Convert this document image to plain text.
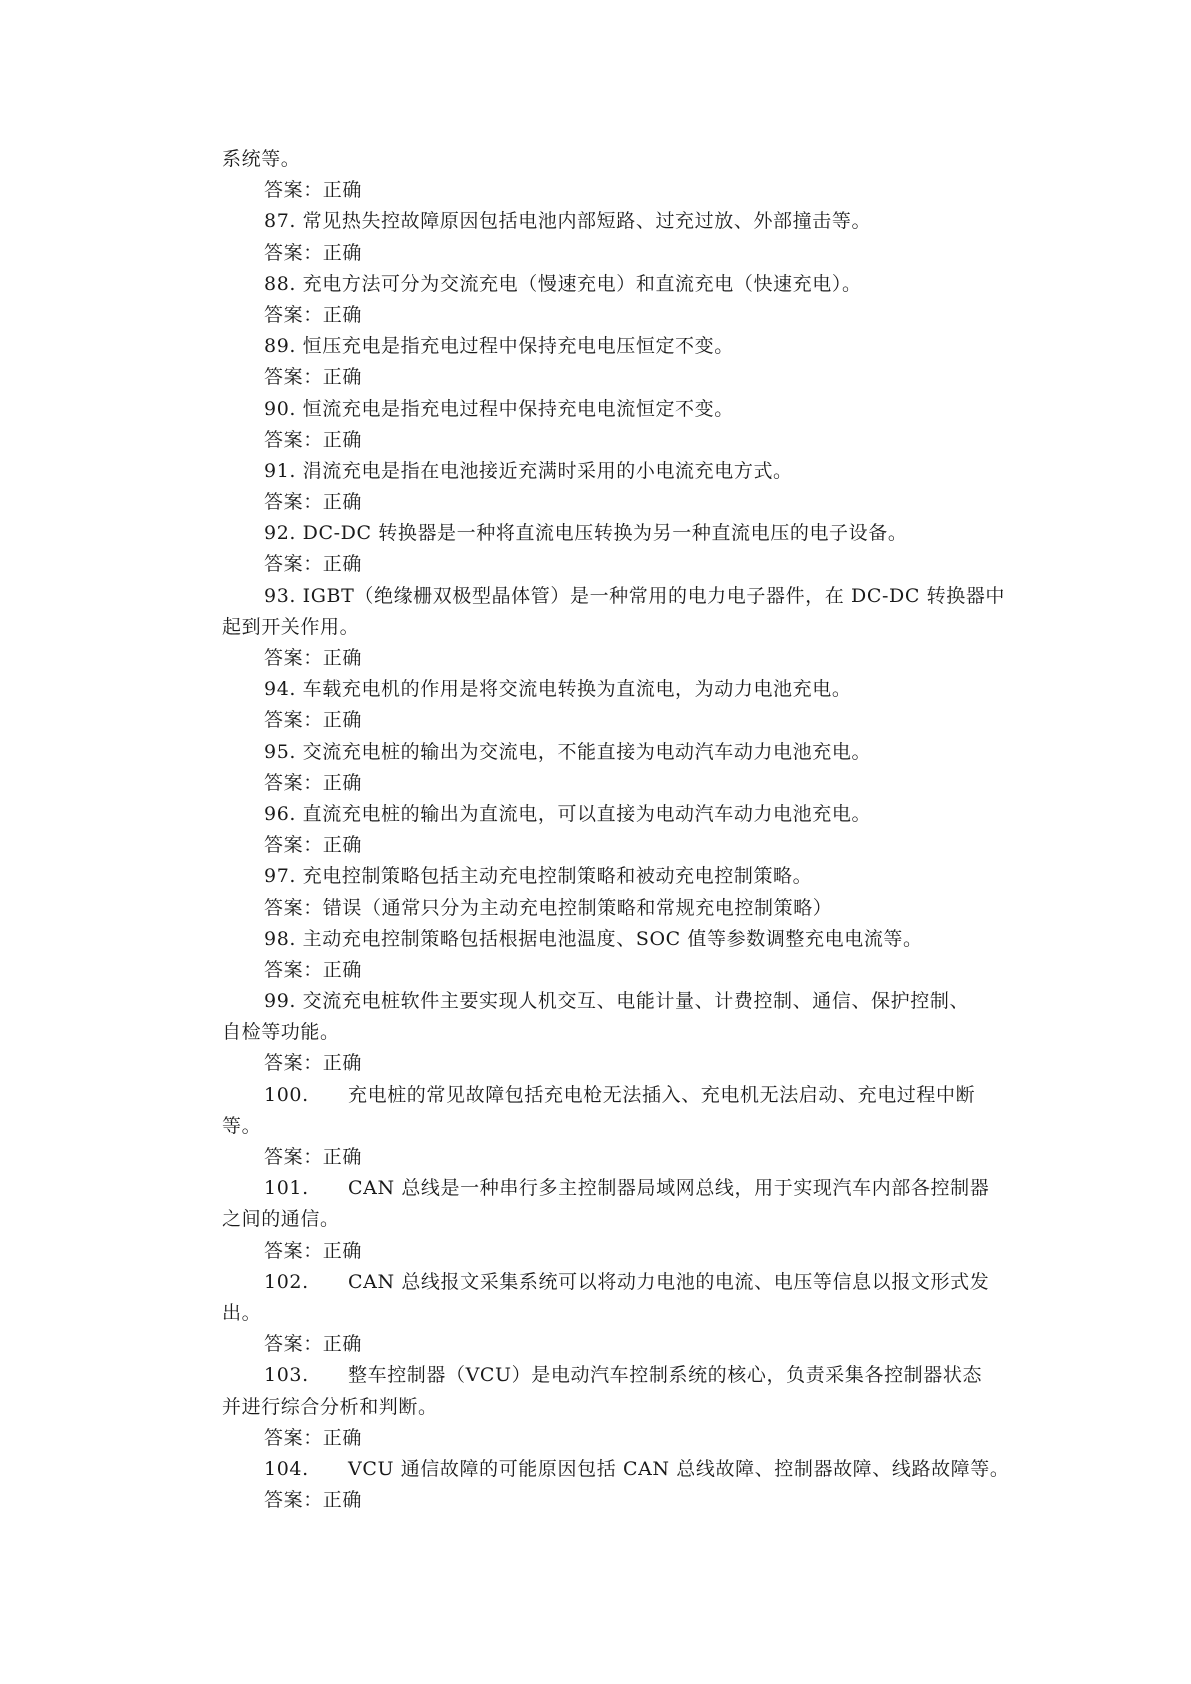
系统等。
答案：正确
87. 常见热失控故障原因包括电池内部短路、过充过放、外部撞击等。
答案：正确
88. 充电方法可分为交流充电（慢速充电）和直流充电（快速充电）。
答案：正确
89. 恒压充电是指充电过程中保持充电电压恒定不变。
答案：正确
90. 恒流充电是指充电过程中保持充电电流恒定不变。
答案：正确
91. 涓流充电是指在电池接近充满时采用的小电流充电方式。
答案：正确
92. DC-DC 转换器是一种将直流电压转换为另一种直流电压的电子设备。
答案：正确
93. IGBT（绝缘栅双极型晶体管）是一种常用的电力电子器件，在 DC-DC 转换器中
起到开关作用。
答案：正确
94. 车载充电机的作用是将交流电转换为直流电，为动力电池充电。
答案：正确
95. 交流充电桩的输出为交流电，不能直接为电动汽车动力电池充电。
答案：正确
96. 直流充电桩的输出为直流电，可以直接为电动汽车动力电池充电。
答案：正确
97. 充电控制策略包括主动充电控制策略和被动充电控制策略。
答案：错误（通常只分为主动充电控制策略和常规充电控制策略）
98. 主动充电控制策略包括根据电池温度、SOC 值等参数调整充电电流等。
答案：正确
99. 交流充电桩软件主要实现人机交互、电能计量、计费控制、通信、保护控制、
自检等功能。
答案：正确
100. 充电桩的常见故障包括充电枪无法插入、充电机无法启动、充电过程中断
等。
答案：正确
101. CAN 总线是一种串行多主控制器局域网总线，用于实现汽车内部各控制器
之间的通信。
答案：正确
102. CAN 总线报文采集系统可以将动力电池的电流、电压等信息以报文形式发
出。
答案：正确
103. 整车控制器（VCU）是电动汽车控制系统的核心，负责采集各控制器状态
并进行综合分析和判断。
答案：正确
104. VCU 通信故障的可能原因包括 CAN 总线故障、控制器故障、线路故障等。
答案：正确
